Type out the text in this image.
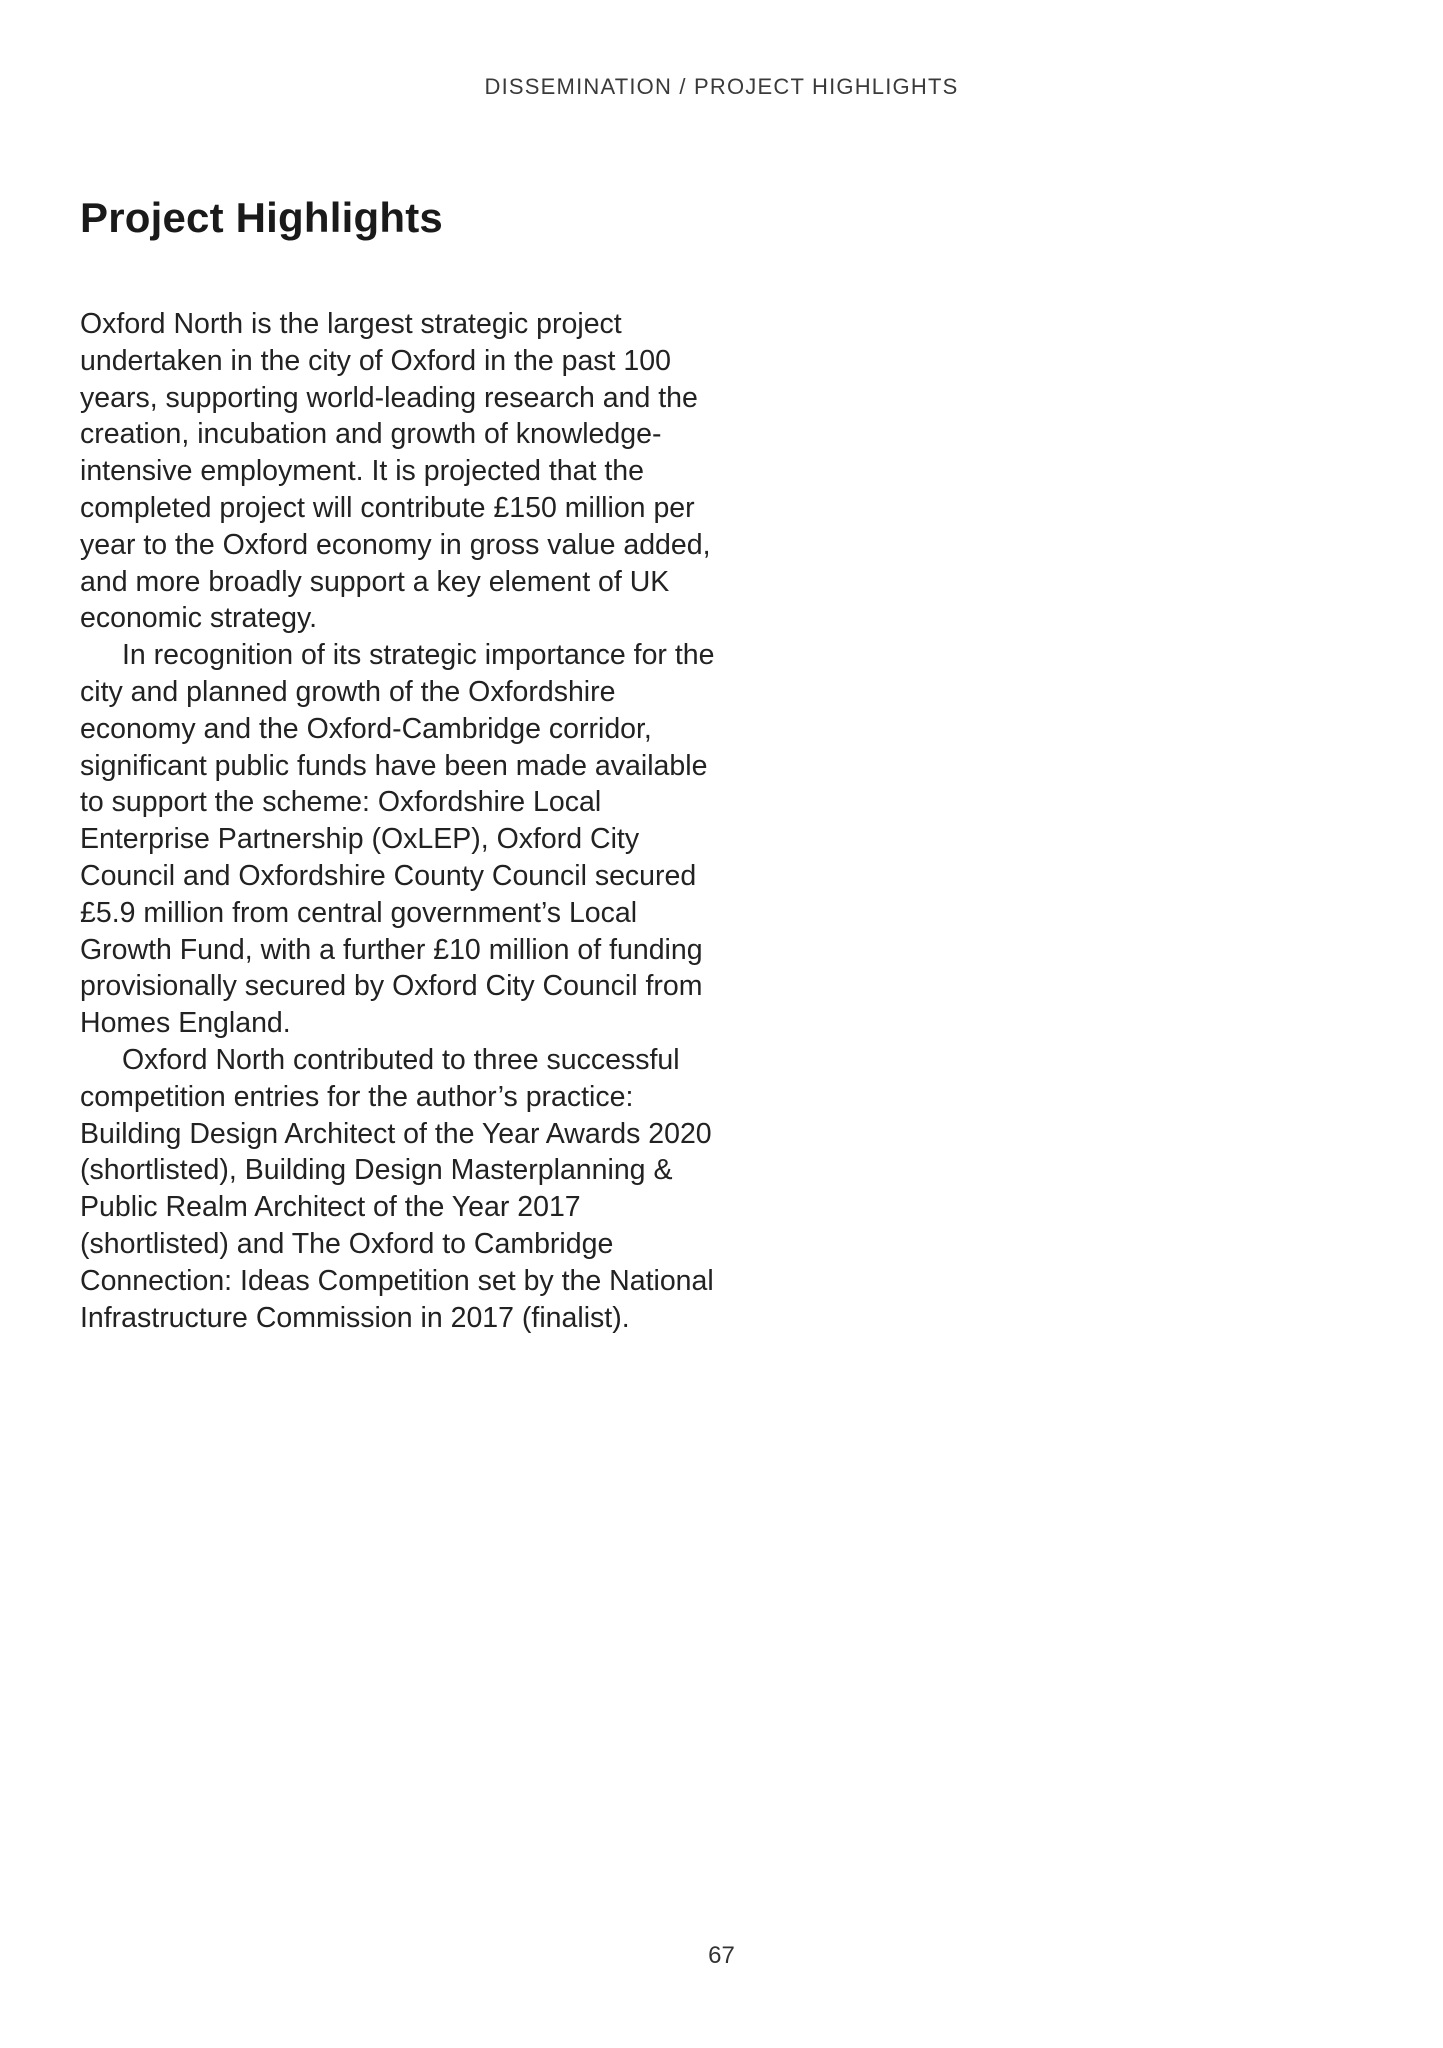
DISSEMINATION / PROJECT HIGHLIGHTS
Project Highlights

Oxford North is the largest strategic project undertaken in the city of Oxford in the past 100 years, supporting world-leading research and the creation, incubation and growth of knowledge-intensive employment. It is projected that the completed project will contribute £150 million per year to the Oxford economy in gross value added, and more broadly support a key element of UK economic strategy.

In recognition of its strategic importance for the city and planned growth of the Oxfordshire economy and the Oxford-Cambridge corridor, significant public funds have been made available to support the scheme: Oxfordshire Local Enterprise Partnership (OxLEP), Oxford City Council and Oxfordshire County Council secured £5.9 million from central government’s Local Growth Fund, with a further £10 million of funding provisionally secured by Oxford City Council from Homes England.

Oxford North contributed to three successful competition entries for the author’s practice: Building Design Architect of the Year Awards 2020 (shortlisted), Building Design Masterplanning & Public Realm Architect of the Year 2017 (shortlisted) and The Oxford to Cambridge Connection: Ideas Competition set by the National Infrastructure Commission in 2017 (finalist).

67
